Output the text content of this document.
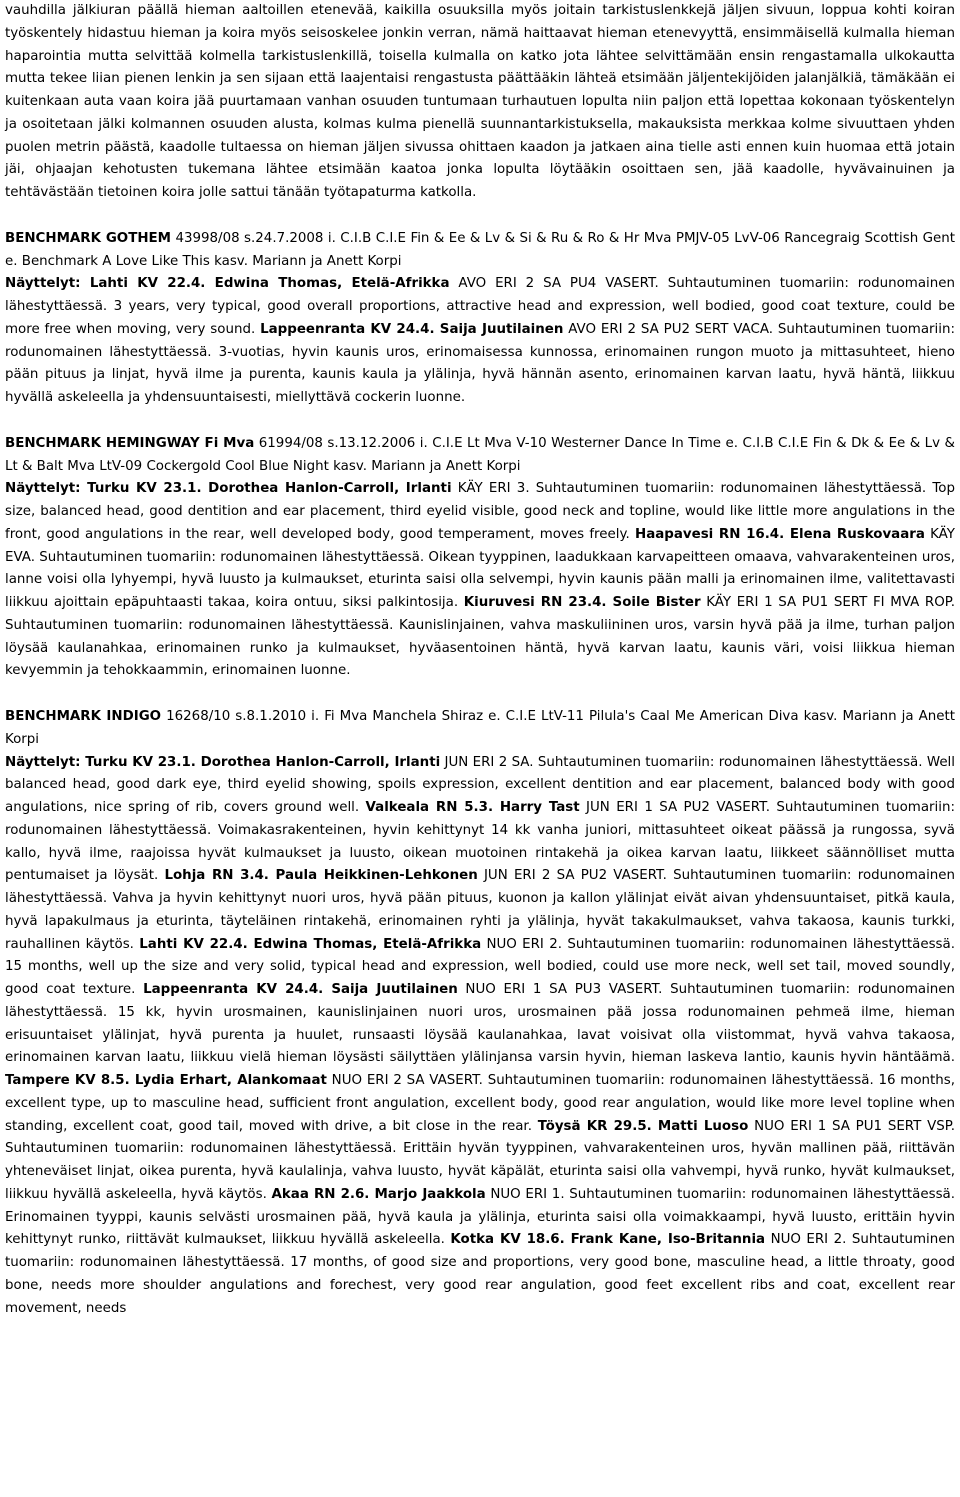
vauhdilla jälkiuran päällä hieman aaltoillen etenevää, kaikilla osuuksilla myös joitain tarkistuslenkkejä jäljen sivuun, loppua kohti koiran työskentely hidastuu hieman ja koira myös seisoskelee jonkin verran, nämä haittaavat hieman etenevyyttä, ensimmäisellä kulmalla hieman haparointia mutta selvittää kolmella tarkistuslenkillä, toisella kulmalla on katko jota lähtee selvittämään ensin rengastamalla ulkokautta mutta tekee liian pienen lenkin ja sen sijaan että laajentaisi rengastusta päättääkin lähteä etsimään jäljentekijöiden jalanjälkiä, tämäkään ei kuitenkaan auta vaan koira jää puurtamaan vanhan osuuden tuntumaan turhautuen lopulta niin paljon että lopettaa kokonaan työskentelyn ja osoitetaan jälki kolmannen osuuden alusta, kolmas kulma pienellä suunnantarkistuksella, makauksista merkkaa kolme sivuuttaen yhden puolen metrin päästä, kaadolle tultaessa on hieman jäljen sivussa ohittaen kaadon ja jatkaen aina tielle asti ennen kuin huomaa että jotain jäi, ohjaajan kehotusten tukemana lähtee etsimään kaatoa jonka lopulta löytääkin osoittaen sen, jää kaadolle, hyvävainuinen ja tehtävästään tietoinen koira jolle sattui tänään työtapaturma katkolla.

BENCHMARK GOTHEM 43998/08 s.24.7.2008 i. C.I.B C.I.E Fin & Ee & Lv & Si & Ru & Ro & Hr Mva PMJV-05 LvV-06 Rancegraig Scottish Gent e. Benchmark A Love Like This kasv. Mariann ja Anett Korpi
Näyttelyt: Lahti KV 22.4. Edwina Thomas, Etelä-Afrikka AVO ERI 2 SA PU4 VASERT. Suhtautuminen tuomariin: rodunomainen lähestyttäessä. 3 years, very typical, good overall proportions, attractive head and expression, well bodied, good coat texture, could be more free when moving, very sound. Lappeenranta KV 24.4. Saija Juutilainen AVO ERI 2 SA PU2 SERT VACA. Suhtautuminen tuomariin: rodunomainen lähestyttäessä. 3-vuotias, hyvin kaunis uros, erinomaisessa kunnossa, erinomainen rungon muoto ja mittasuhteet, hieno pään pituus ja linjat, hyvä ilme ja purenta, kaunis kaula ja ylälinja, hyvä hännän asento, erinomainen karvan laatu, hyvä häntä, liikkuu hyvällä askeleella ja yhdensuuntaisesti, miellyttävä cockerin luonne.

BENCHMARK HEMINGWAY Fi Mva 61994/08 s.13.12.2006 i. C.I.E Lt Mva V-10 Westerner Dance In Time e. C.I.B C.I.E Fin & Dk & Ee & Lv & Lt & Balt Mva LtV-09 Cockergold Cool Blue Night kasv. Mariann ja Anett Korpi
Näyttelyt: Turku KV 23.1. Dorothea Hanlon-Carroll, Irlanti KÄY ERI 3. Suhtautuminen tuomariin: rodunomainen lähestyttäessä. Top size, balanced head, good dentition and ear placement, third eyelid visible, good neck and topline, would like little more angulations in the front, good angulations in the rear, well developed body, good temperament, moves freely. Haapavesi RN 16.4. Elena Ruskovaara KÄY EVA. Suhtautuminen tuomariin: rodunomainen lähestyttäessä. Oikean tyyppinen, laadukkaan karvapeitteen omaava, vahvarakenteinen uros, lanne voisi olla lyhyempi, hyvä luusto ja kulmaukset, eturinta saisi olla selvempi, hyvin kaunis pään malli ja erinomainen ilme, valitettavasti liikkuu ajoittain epäpuhtaasti takaa, koira ontuu, siksi palkintosija. Kiuruvesi RN 23.4. Soile Bister KÄY ERI 1 SA PU1 SERT FI MVA ROP. Suhtautuminen tuomariin: rodunomainen lähestyttäessä. Kaunislinjainen, vahva maskuliininen uros, varsin hyvä pää ja ilme, turhan paljon löysää kaulanahkaa, erinomainen runko ja kulmaukset, hyväasentoinen häntä, hyvä karvan laatu, kaunis väri, voisi liikkua hieman kevyemmin ja tehokkaammin, erinomainen luonne.

BENCHMARK INDIGO 16268/10 s.8.1.2010 i. Fi Mva Manchela Shiraz e. C.I.E LtV-11 Pilula's Caal Me American Diva kasv. Mariann ja Anett Korpi
Näyttelyt: Turku KV 23.1. Dorothea Hanlon-Carroll, Irlanti JUN ERI 2 SA. Suhtautuminen tuomariin: rodunomainen lähestyttäessä. Well balanced head, good dark eye, third eyelid showing, spoils expression, excellent dentition and ear placement, balanced body with good angulations, nice spring of rib, covers ground well. Valkeala RN 5.3. Harry Tast JUN ERI 1 SA PU2 VASERT. Suhtautuminen tuomariin: rodunomainen lähestyttäessä. Voimakasrakenteinen, hyvin kehittynyt 14 kk vanha juniori, mittasuhteet oikeat päässä ja rungossa, syvä kallo, hyvä ilme, raajoissa hyvät kulmaukset ja luusto, oikean muotoinen rintakehä ja oikea karvan laatu, liikkeet säännölliset mutta pentumaiset ja löysät. Lohja RN 3.4. Paula Heikkinen-Lehkonen JUN ERI 2 SA PU2 VASERT. Suhtautuminen tuomariin: rodunomainen lähestyttäessä. Vahva ja hyvin kehittynyt nuori uros, hyvä pään pituus, kuonon ja kallon ylälinjat eivät aivan yhdensuuntaiset, pitkä kaula, hyvä lapakulmaus ja eturinta, täyteläinen rintakehä, erinomainen ryhti ja ylälinja, hyvät takakulmaukset, vahva takaosa, kaunis turkki, rauhallinen käytös. Lahti KV 22.4. Edwina Thomas, Etelä-Afrikka NUO ERI 2. Suhtautuminen tuomariin: rodunomainen lähestyttäessä. 15 months, well up the size and very solid, typical head and expression, well bodied, could use more neck, well set tail, moved soundly, good coat texture. Lappeenranta KV 24.4. Saija Juutilainen NUO ERI 1 SA PU3 VASERT. Suhtautuminen tuomariin: rodunomainen lähestyttäessä. 15 kk, hyvin urosmainen, kaunislinjainen nuori uros, urosmainen pää jossa rodunomainen pehmeä ilme, hieman erisuuntaiset ylälinjat, hyvä purenta ja huulet, runsaasti löysää kaulanahkaa, lavat voisivat olla viistommat, hyvä vahva takaosa, erinomainen karvan laatu, liikkuu vielä hieman löysästi säilyttäen ylälinjansa varsin hyvin, hieman laskeva lantio, kaunis hyvin häntäämä. Tampere KV 8.5. Lydia Erhart, Alankomaat NUO ERI 2 SA VASERT. Suhtautuminen tuomariin: rodunomainen lähestyttäessä. 16 months, excellent type, up to masculine head, sufficient front angulation, excellent body, good rear angulation, would like more level topline when standing, excellent coat, good tail, moved with drive, a bit close in the rear. Töysä KR 29.5. Matti Luoso NUO ERI 1 SA PU1 SERT VSP. Suhtautuminen tuomariin: rodunomainen lähestyttäessä. Erittäin hyvän tyyppinen, vahvarakenteinen uros, hyvän mallinen pää, riittävän yhteneväiset linjat, oikea purenta, hyvä kaulalinja, vahva luusto, hyvät käpälät, eturinta saisi olla vahvempi, hyvä runko, hyvät kulmaukset, liikkuu hyvällä askeleella, hyvä käytös. Akaa RN 2.6. Marjo Jaakkola NUO ERI 1. Suhtautuminen tuomariin: rodunomainen lähestyttäessä. Erinomainen tyyppi, kaunis selvästi urosmainen pää, hyvä kaula ja ylälinja, eturinta saisi olla voimakkaampi, hyvä luusto, erittäin hyvin kehittynyt runko, riittävät kulmaukset, liikkuu hyvällä askeleella. Kotka KV 18.6. Frank Kane, Iso-Britannia NUO ERI 2. Suhtautuminen tuomariin: rodunomainen lähestyttäessä. 17 months, of good size and proportions, very good bone, masculine head, a little throaty, good bone, needs more shoulder angulations and forechest, very good rear angulation, good feet excellent ribs and coat, excellent rear movement, needs
